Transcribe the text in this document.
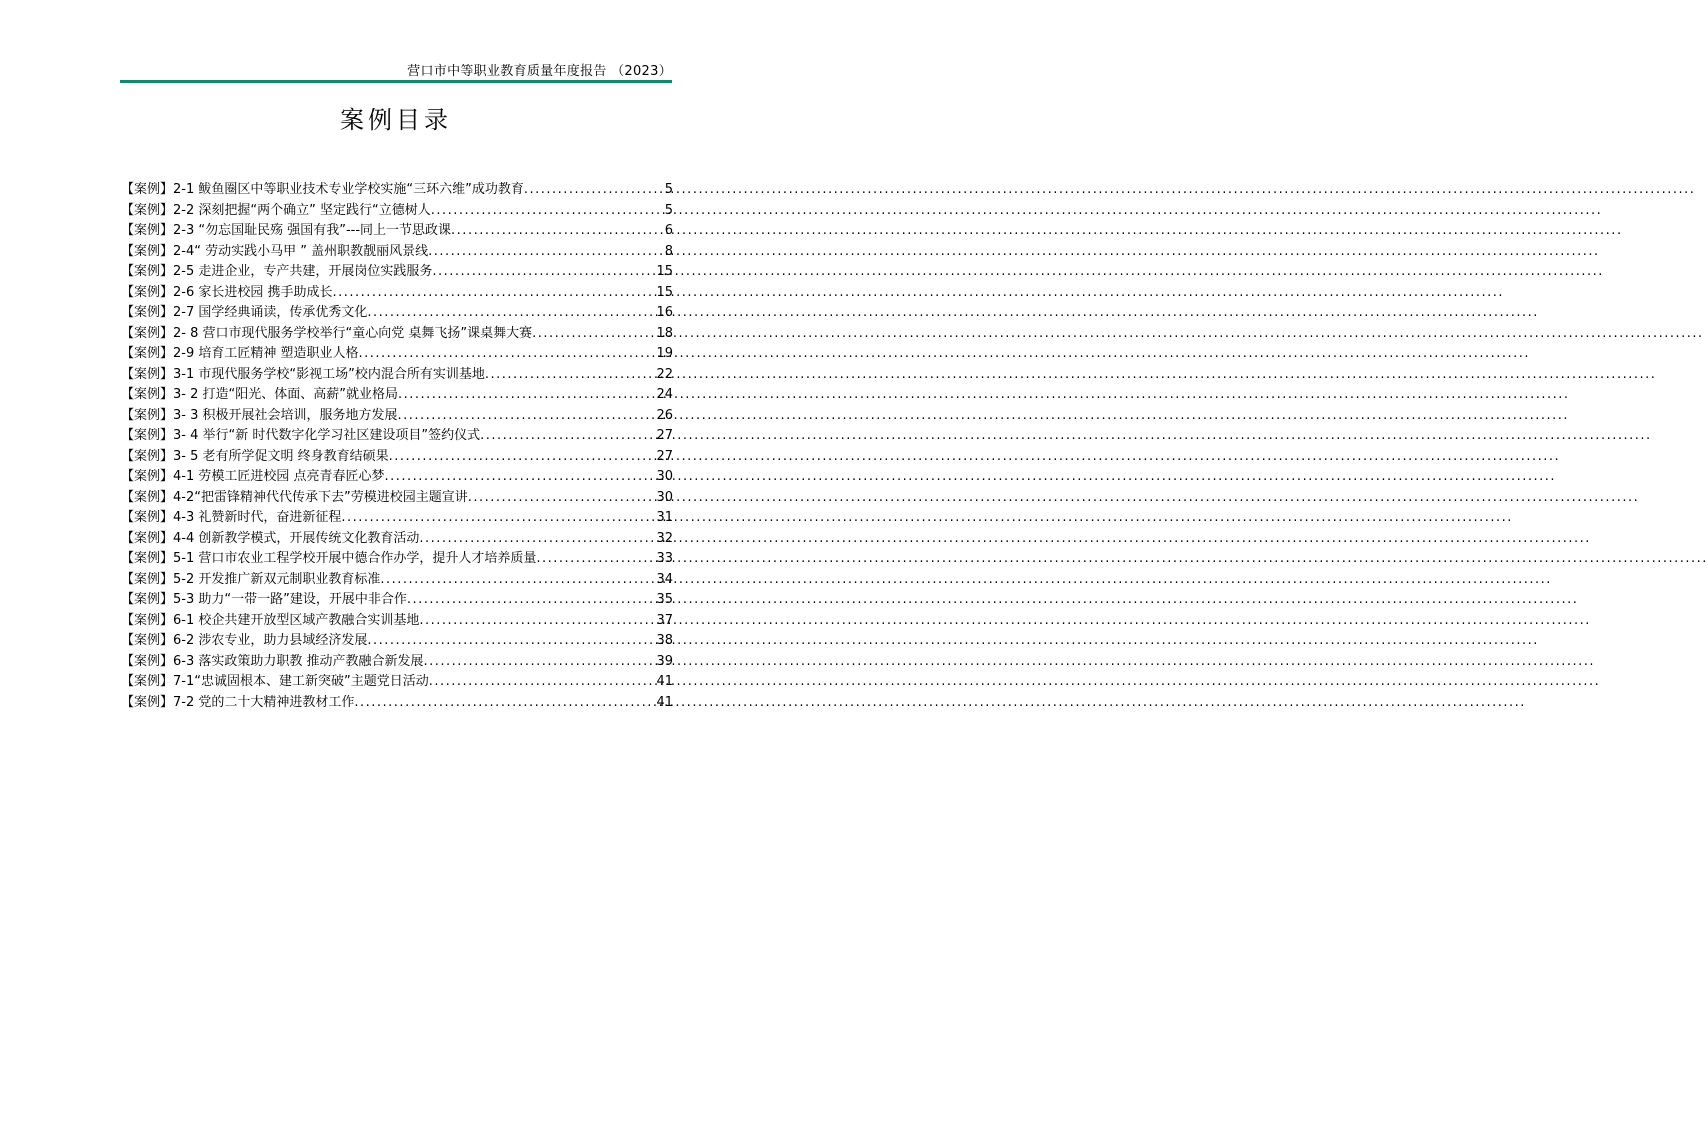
营口市中等职业教育质量年度报告 （2023）
案例目录
【案例】2-1 鲅鱼圈区中等职业技术专业学校实施“三环六维”成功教育 .....	5
【案例】2-2 深刻把握“两个确立” 坚定践行“立德树人 .....	5
【案例】2-3 “勿忘国耻民殇 强国有我”---同上一节思政课 .....	6
【案例】2-4“ 劳动实践小马甲 ” 盖州职教靓丽风景线 .....	8
【案例】2-5 走进企业，专产共建，开展岗位实践服务 .....	15
【案例】2-6 家长进校园 携手助成长 .....	15
【案例】2-7 国学经典诵读，传承优秀文化 .....	16
【案例】2- 8 营口市现代服务学校举行“童心向党 桌舞飞扬”课桌舞大赛 .....	18
【案例】2-9 培育工匠精神 塑造职业人格 .....	19
【案例】3-1 市现代服务学校“影视工场”校内混合所有实训基地 .....	22
【案例】3- 2 打造“阳光、体面、高薪”就业格局 .....	24
【案例】3- 3 积极开展社会培训，服务地方发展 .....	26
【案例】3- 4 举行“新 时代数字化学习社区建设项目”签约仪式 .....	27
【案例】3- 5 老有所学促文明 终身教育结硕果 .....	27
【案例】4-1 劳模工匠进校园 点亮青春匠心梦 .....	30
【案例】4-2“把雷锋精神代代传承下去”劳模进校园主题宣讲 .....	30
【案例】4-3 礼赞新时代，奋进新征程 .....	31
【案例】4-4 创新教学模式，开展传统文化教育活动 .....	32
【案例】5-1 营口市农业工程学校开展中德合作办学，提升人才培养质量 .....	33
【案例】5-2 开发推广新双元制职业教育标准 .....	34
【案例】5-3 助力“一带一路”建设，开展中非合作 .....	35
【案例】6-1 校企共建开放型区域产教融合实训基地 .....	37
【案例】6-2 涉农专业，助力县域经济发展 .....	38
【案例】6-3 落实政策助力职教 推动产教融合新发展 .....	39
【案例】7-1“忠诚固根本、建工新突破”主题党日活动 .....	41
【案例】7-2 党的二十大精神进教材工作 .....	41
